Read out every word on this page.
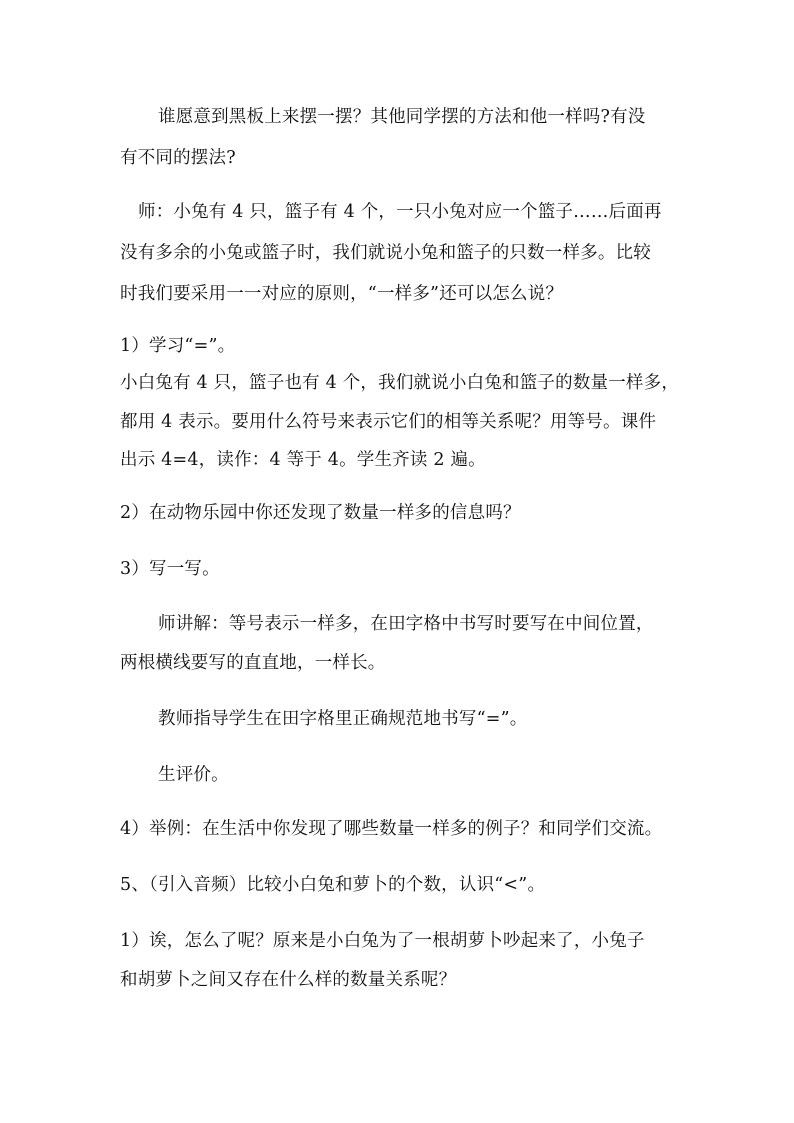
谁愿意到黑板上来摆一摆？其他同学摆的方法和他一样吗?有没
有不同的摆法?
师：小兔有 4 只，篮子有 4 个，一只小兔对应一个篮子……后面再
没有多余的小兔或篮子时，我们就说小兔和篮子的只数一样多。比较
时我们要采用一一对应的原则，“一样多”还可以怎么说？
1）学习“=”。
小白兔有 4 只，篮子也有 4 个，我们就说小白兔和篮子的数量一样多，
都用 4 表示。要用什么符号来表示它们的相等关系呢？用等号。课件
出示 4=4，读作：4 等于 4。学生齐读 2 遍。
2）在动物乐园中你还发现了数量一样多的信息吗？
3）写一写。
师讲解：等号表示一样多，在田字格中书写时要写在中间位置，
两根横线要写的直直地，一样长。
教师指导学生在田字格里正确规范地书写“=”。
生评价。
4）举例：在生活中你发现了哪些数量一样多的例子？和同学们交流。
5、（引入音频）比较小白兔和萝卜的个数，认识“<”。
1）诶，怎么了呢？原来是小白兔为了一根胡萝卜吵起来了，小兔子
和胡萝卜之间又存在什么样的数量关系呢？
